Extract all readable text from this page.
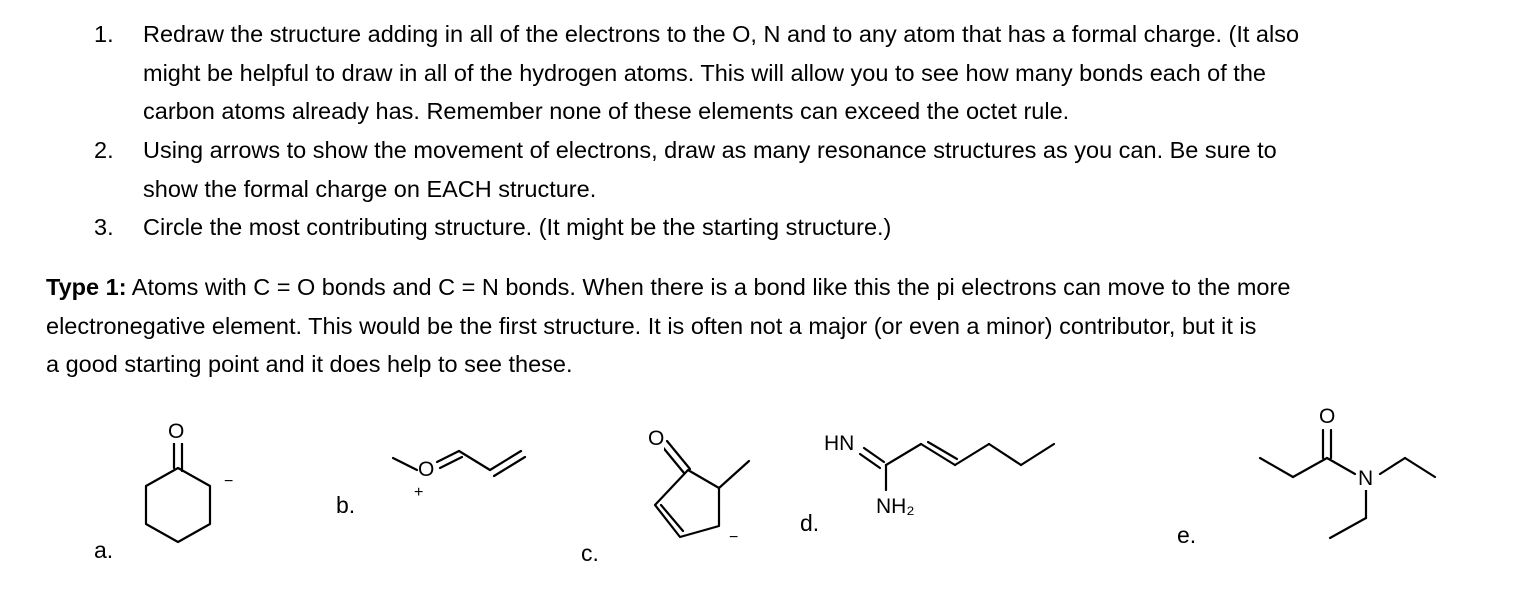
1. Redraw the structure adding in all of the electrons to the O, N and to any atom that has a formal charge. (It also
might be helpful to draw in all of the hydrogen atoms. This will allow you to see how many bonds each of the
carbon atoms already has. Remember none of these elements can exceed the octet rule.
2. Using arrows to show the movement of electrons, draw as many resonance structures as you can. Be sure to
show the formal charge on EACH structure.
3. Circle the most contributing structure. (It might be the starting structure.)
Type 1: Atoms with C = O bonds and C = N bonds. When there is a bond like this the pi electrons can move to the more
electronegative element. This would be the first structure. It is often not a major (or even a minor) contributor, but it is
a good starting point and it does help to see these.
O
−
a.
O
+
b.
O
−
c.
HN
NH₂
d.
O
N
e.
